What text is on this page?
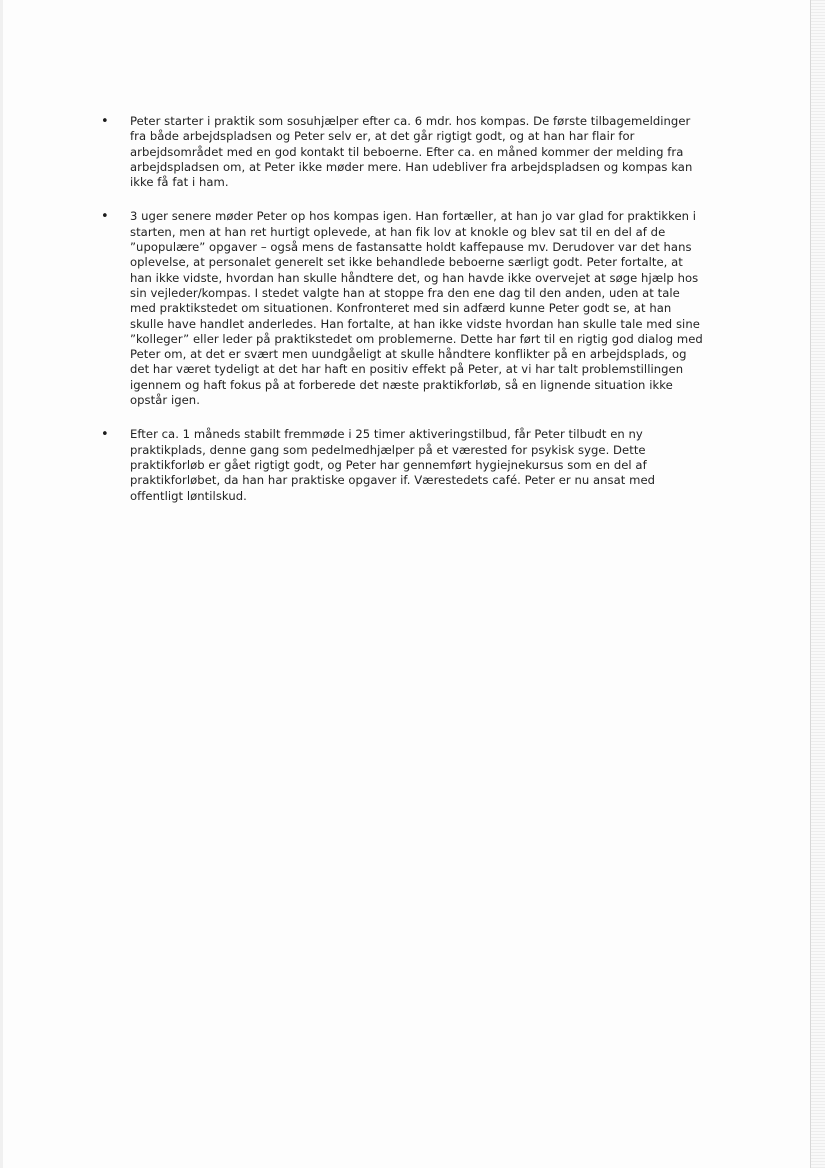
• Peter starter i praktik som sosuhjælper efter ca. 6 mdr. hos kompas. De første tilbagemeldinger
fra både arbejdspladsen og Peter selv er, at det går rigtigt godt, og at han har flair for
arbejdsområdet med en god kontakt til beboerne. Efter ca. en måned kommer der melding fra
arbejdspladsen om, at Peter ikke møder mere. Han udebliver fra arbejdspladsen og kompas kan
ikke få fat i ham.
• 3 uger senere møder Peter op hos kompas igen. Han fortæller, at han jo var glad for praktikken i
starten, men at han ret hurtigt oplevede, at han fik lov at knokle og blev sat til en del af de
”upopulære” opgaver – også mens de fastansatte holdt kaffepause mv. Derudover var det hans
oplevelse, at personalet generelt set ikke behandlede beboerne særligt godt. Peter fortalte, at
han ikke vidste, hvordan han skulle håndtere det, og han havde ikke overvejet at søge hjælp hos
sin vejleder/kompas. I stedet valgte han at stoppe fra den ene dag til den anden, uden at tale
med praktikstedet om situationen. Konfronteret med sin adfærd kunne Peter godt se, at han
skulle have handlet anderledes. Han fortalte, at han ikke vidste hvordan han skulle tale med sine
”kolleger” eller leder på praktikstedet om problemerne. Dette har ført til en rigtig god dialog med
Peter om, at det er svært men uundgåeligt at skulle håndtere konflikter på en arbejdsplads, og
det har været tydeligt at det har haft en positiv effekt på Peter, at vi har talt problemstillingen
igennem og haft fokus på at forberede det næste praktikforløb, så en lignende situation ikke
opstår igen.
• Efter ca. 1 måneds stabilt fremmøde i 25 timer aktiveringstilbud, får Peter tilbudt en ny
praktikplads, denne gang som pedelmedhjælper på et værested for psykisk syge. Dette
praktikforløb er gået rigtigt godt, og Peter har gennemført hygiejnekursus som en del af
praktikforløbet, da han har praktiske opgaver if. Værestedets café. Peter er nu ansat med
offentligt løntilskud.
